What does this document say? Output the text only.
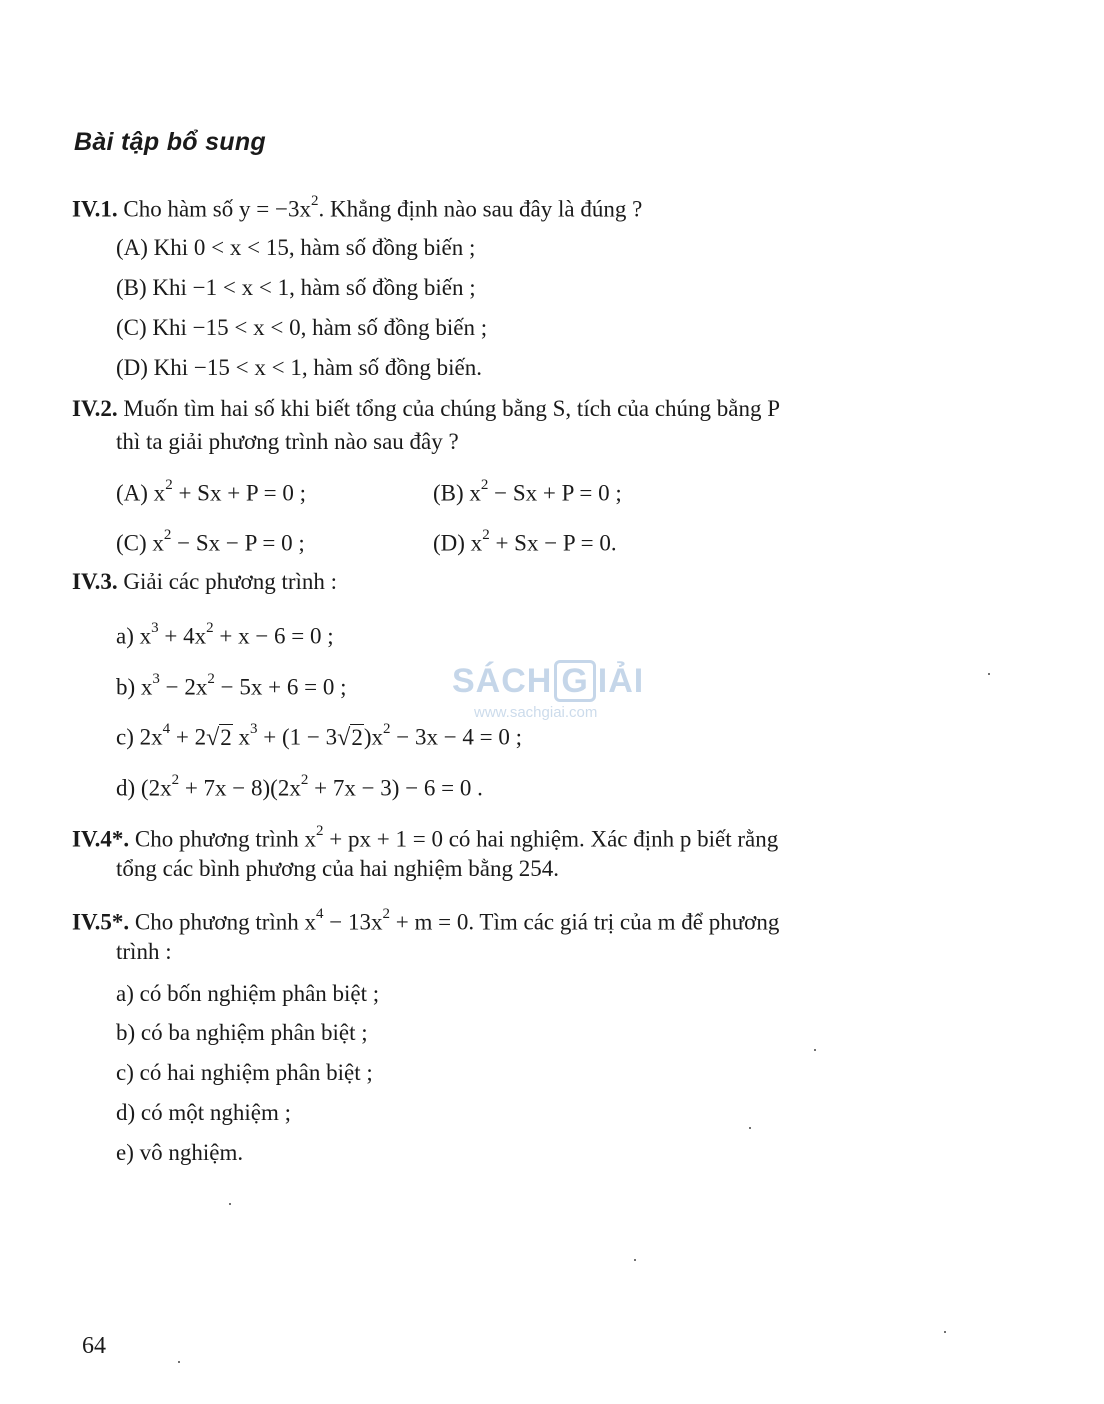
Bài tập bổ sung
IV.1. Cho hàm số $y = -3x^2$. Khẳng định nào sau đây là đúng ?
(A) Khi 0 < x < 15, hàm số đồng biến ;
(B) Khi −1 < x < 1, hàm số đồng biến ;
(C) Khi −15 < x < 0, hàm số đồng biến ;
(D) Khi −15 < x < 1, hàm số đồng biến.
IV.2. Muốn tìm hai số khi biết tổng của chúng bằng S, tích của chúng bằng P
thì ta giải phương trình nào sau đây ?
(A) $x^2 + Sx + P = 0$ ;	(B) $x^2 - Sx + P = 0$ ;
(C) $x^2 - Sx - P = 0$ ;	(D) $x^2 + Sx - P = 0$.
IV.3. Giải các phương trình :
a) $x^3 + 4x^2 + x - 6 = 0$ ;
b) $x^3 - 2x^2 - 5x + 6 = 0$ ;
c) $2x^4 + 2√2$ $x^3 + (1 - 3√2)x^2 - 3x - 4 = 0$ ;
d) $(2x^2 + 7x - 8)(2x^2 + 7x - 3) - 6 = 0$ .
IV.4*. Cho phương trình $x^2$ + px + 1 = 0 có hai nghiệm. Xác định p biết rằng
tổng các bình phương của hai nghiệm bằng 254.
IV.5*. Cho phương trình $x^4 - 13x^2 + m = 0$. Tìm các giá trị của m để phương
trình :
a) có bốn nghiệm phân biệt ;
b) có ba nghiệm phân biệt ;
c) có hai nghiệm phân biệt ;
d) có một nghiệm ;
e) vô nghiệm.
SÁCH G IẢI
www.sachgiai.com
64
